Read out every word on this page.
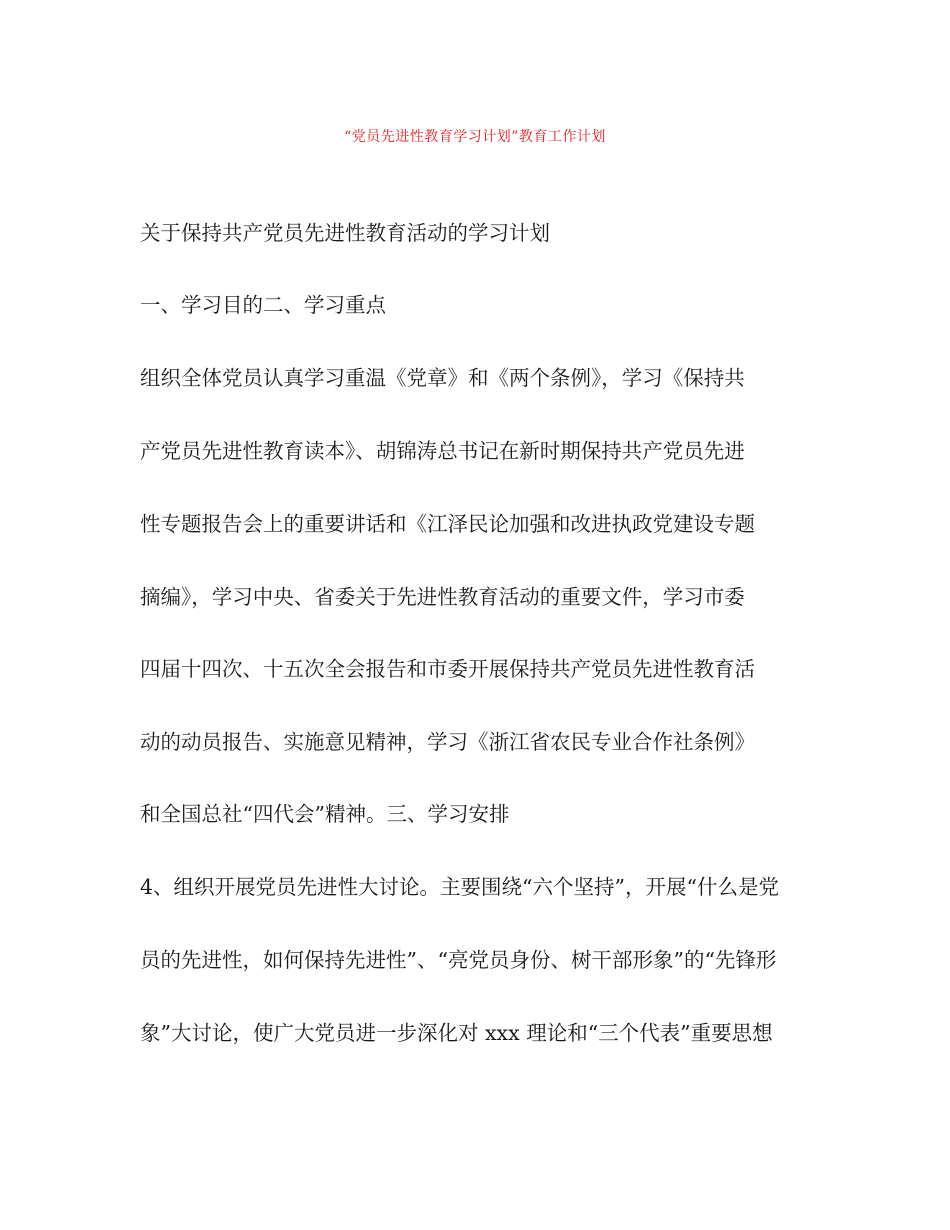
“党员先进性教育学习计划”教育工作计划
关于保持共产党员先进性教育活动的学习计划
一、学习目的二、学习重点
组织全体党员认真学习重温《党章》和《两个条例》，学习《保持共
产党员先进性教育读本》、胡锦涛总书记在新时期保持共产党员先进
性专题报告会上的重要讲话和《江泽民论加强和改进执政党建设专题
摘编》，学习中央、省委关于先进性教育活动的重要文件，学习市委
四届十四次、十五次全会报告和市委开展保持共产党员先进性教育活
动的动员报告、实施意见精神，学习《浙江省农民专业合作社条例》
和全国总社“四代会”精神。三、学习安排
4、组织开展党员先进性大讨论。主要围绕“六个坚持”，开展“什么是党
员的先进性，如何保持先进性”、“亮党员身份、树干部形象”的“先锋形
象”大讨论，使广大党员进一步深化对 xxx 理论和“三个代表”重要思想
